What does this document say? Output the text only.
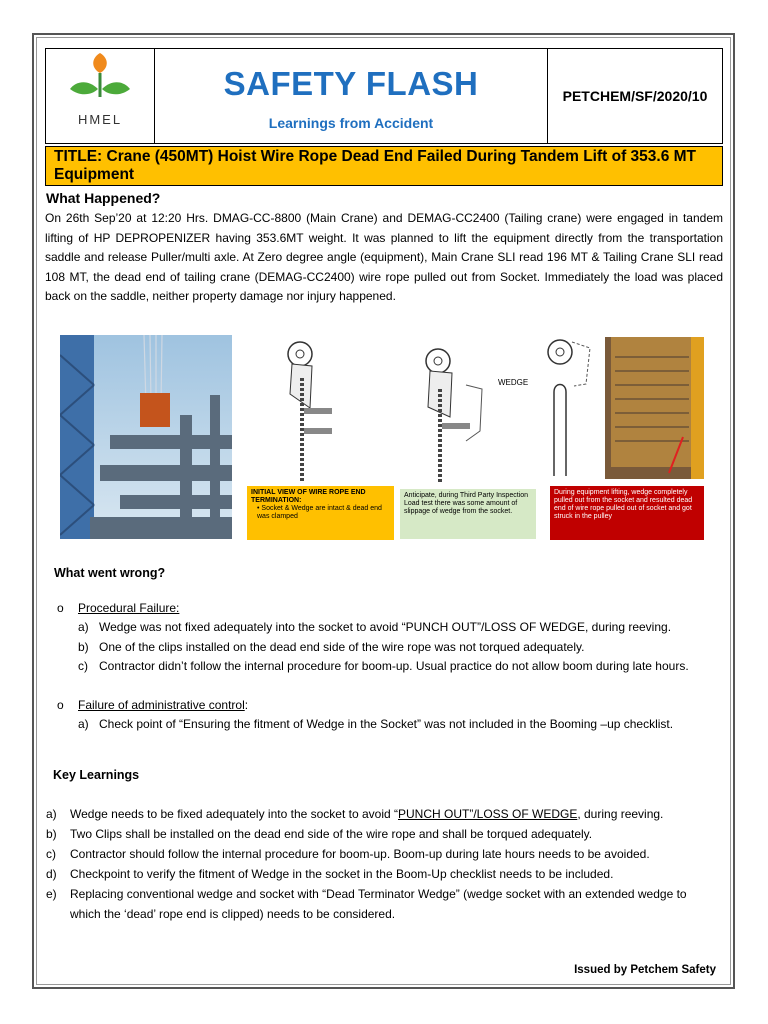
HMEL
SAFETY FLASH
Learnings from Accident
PETCHEM/SF/2020/10
TITLE: Crane (450MT) Hoist Wire Rope Dead End Failed During Tandem Lift of 353.6 MT Equipment
What Happened?
On 26th Sep’20 at 12:20 Hrs. DMAG-CC-8800 (Main Crane) and DEMAG-CC2400 (Tailing crane) were engaged in tandem lifting of HP DEPROPENIZER having 353.6MT weight. It was planned to lift the equipment directly from the transportation saddle and release Puller/multi axle. At Zero degree angle (equipment), Main Crane SLI read 196 MT & Tailing Crane SLI read 108 MT, the dead end of tailing crane (DEMAG-CC2400) wire rope pulled out from Socket. Immediately the load was placed back on the saddle, neither property damage nor injury happened.
WEDGE
INITIAL VIEW OF WIRE ROPE END TERMINATION:
• Socket & Wedge are intact & dead end was clamped
Anticipate, during Third Party Inspection Load test there was some amount of slippage of wedge from the socket.
During equipment lifting, wedge completely pulled out from the socket and resulted dead end of wire rope pulled out of socket and got struck in the pulley
What went wrong?
o Procedural Failure:
a) Wedge was not fixed adequately into the socket to avoid “PUNCH OUT”/LOSS OF WEDGE, during reeving.
b) One of the clips installed on the dead end side of the wire rope was not torqued adequately.
c) Contractor didn’t follow the internal procedure for boom-up. Usual practice do not allow boom during late hours.
o Failure of administrative control:
a) Check point of “Ensuring the fitment of Wedge in the Socket” was not included in the Booming –up checklist.
Key Learnings
a) Wedge needs to be fixed adequately into the socket to avoid “PUNCH OUT”/LOSS OF WEDGE, during reeving.
b) Two Clips shall be installed on the dead end side of the wire rope and shall be torqued adequately.
c) Contractor should follow the internal procedure for boom-up. Boom-up during late hours needs to be avoided.
d) Checkpoint to verify the fitment of Wedge in the socket in the Boom-Up checklist needs to be included.
e) Replacing conventional wedge and socket with “Dead Terminator Wedge” (wedge socket with an extended wedge to which the ‘dead’ rope end is clipped) needs to be considered.
Issued by Petchem Safety
